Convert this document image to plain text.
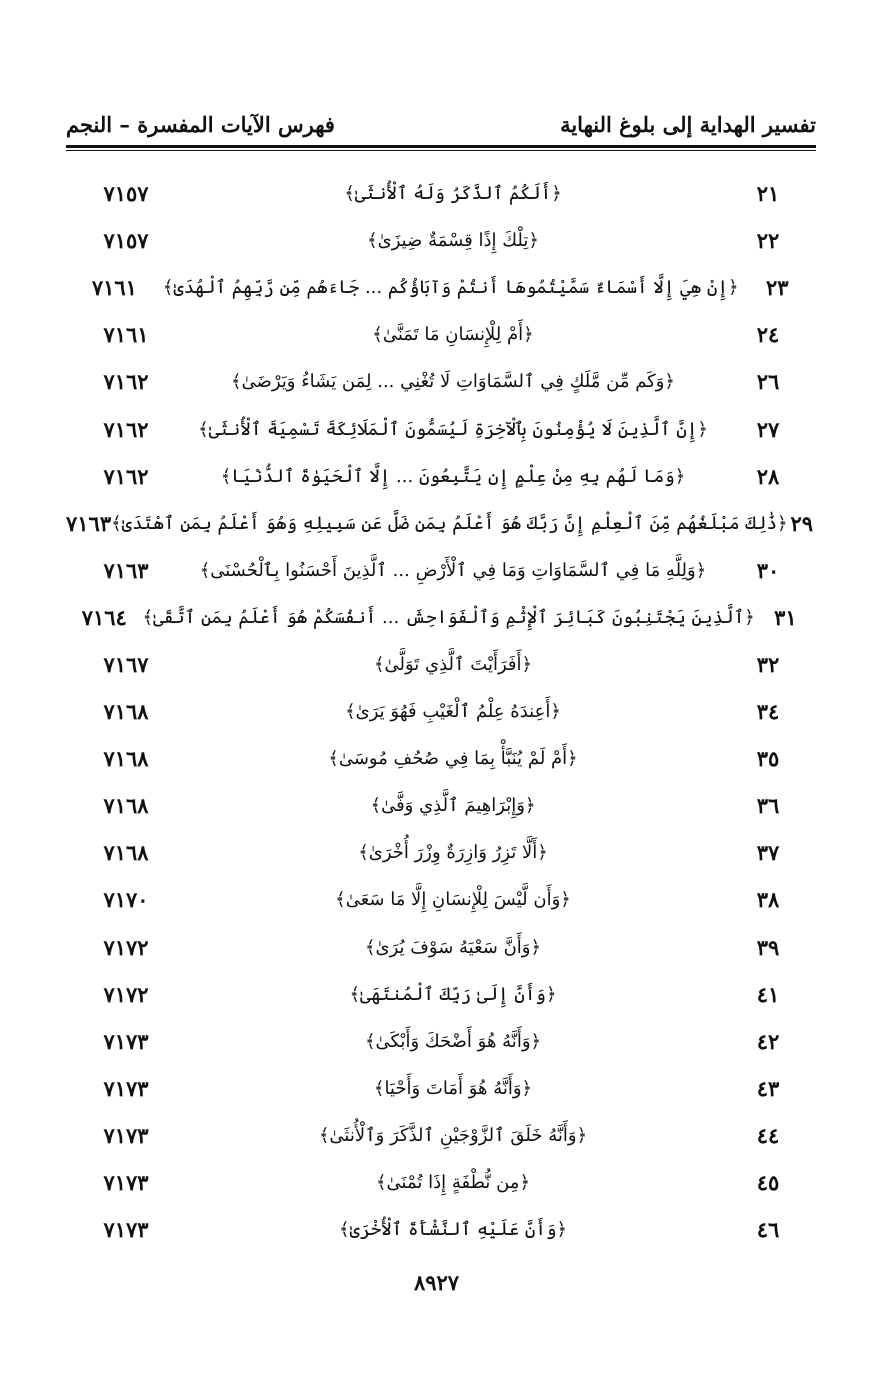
تفسير الهداية إلى بلوغ النهاية
فهرس الآيات المفسرة – النجم
٢١
﴿أَلَكُمُ ٱلذَّكَرُ وَلَهُ ٱلْأُنثَىٰ﴾
٧١٥٧
٢٢
﴿تِلْكَ إِذًا قِسْمَةٌ ضِيزَىٰ﴾
٧١٥٧
٢٣
﴿إِنْ هِيَ إِلَّا أَسْمَاءٌ سَمَّيْتُمُوهَا أَنتُمْ وَآبَاؤُكُم ... جَاءَهُم مِّن رَّبِّهِمُ ٱلْهُدَىٰ﴾
٧١٦١
٢٤
﴿أَمْ لِلْإِنسَانِ مَا تَمَنَّىٰ﴾
٧١٦١
٢٦
﴿وَكَم مِّن مَّلَكٍ فِي ٱلسَّمَاوَاتِ لَا تُغْنِي ... لِمَن يَشَاءُ وَيَرْضَىٰ﴾
٧١٦٢
٢٧
﴿إِنَّ ٱلَّذِينَ لَا يُؤْمِنُونَ بِٱلْآخِرَةِ لَيُسَمُّونَ ٱلْمَلَائِكَةَ تَسْمِيَةَ ٱلْأُنثَىٰ﴾
٧١٦٢
٢٨
﴿وَمَا لَهُم بِهِ مِنْ عِلْمٍ إِن يَتَّبِعُونَ ... إِلَّا ٱلْحَيَوٰةَ ٱلدُّنْيَا﴾
٧١٦٢
٢٩
﴿ذَٰلِكَ مَبْلَغُهُم مِّنَ ٱلْعِلْمِ إِنَّ رَبَّكَ هُوَ أَعْلَمُ بِمَن ضَلَّ عَن سَبِيلِهِ وَهُوَ أَعْلَمُ بِمَنِ ٱهْتَدَىٰ﴾
٧١٦٣
٣٠
﴿وَلِلَّهِ مَا فِي ٱلسَّمَاوَاتِ وَمَا فِي ٱلْأَرْضِ ... ٱلَّذِينَ أَحْسَنُوا بِٱلْحُسْنَى﴾
٧١٦٣
٣١
﴿ٱلَّذِينَ يَجْتَنِبُونَ كَبَائِرَ ٱلْإِثْمِ وَٱلْفَوَاحِشَ ... أَنفُسَكُمْ هُوَ أَعْلَمُ بِمَنِ ٱتَّقَىٰ﴾
٧١٦٤
٣٢
﴿أَفَرَأَيْتَ ٱلَّذِي تَوَلَّىٰ﴾
٧١٦٧
٣٤
﴿أَعِندَهُ عِلْمُ ٱلْغَيْبِ فَهُوَ يَرَىٰ﴾
٧١٦٨
٣٥
﴿أَمْ لَمْ يُنَبَّأْ بِمَا فِي صُحُفِ مُوسَىٰ﴾
٧١٦٨
٣٦
﴿وَإِبْرَاهِيمَ ٱلَّذِي وَفَّىٰ﴾
٧١٦٨
٣٧
﴿أَلَّا تَزِرُ وَازِرَةٌ وِزْرَ أُخْرَىٰ﴾
٧١٦٨
٣٨
﴿وَأَن لَّيْسَ لِلْإِنسَانِ إِلَّا مَا سَعَىٰ﴾
٧١٧٠
٣٩
﴿وَأَنَّ سَعْيَهُ سَوْفَ يُرَىٰ﴾
٧١٧٢
٤١
﴿وَأَنَّ إِلَىٰ رَبِّكَ ٱلْمُنتَهَىٰ﴾
٧١٧٢
٤٢
﴿وَأَنَّهُ هُوَ أَضْحَكَ وَأَبْكَىٰ﴾
٧١٧٣
٤٣
﴿وَأَنَّهُ هُوَ أَمَاتَ وَأَحْيَا﴾
٧١٧٣
٤٤
﴿وَأَنَّهُ خَلَقَ ٱلزَّوْجَيْنِ ٱلذَّكَرَ وَٱلْأُنثَىٰ﴾
٧١٧٣
٤٥
﴿مِن نُّطْفَةٍ إِذَا تُمْنَىٰ﴾
٧١٧٣
٤٦
﴿وَأَنَّ عَلَيْهِ ٱلنَّشْأَةَ ٱلْأُخْرَىٰ﴾
٧١٧٣
٨٩٢٧
